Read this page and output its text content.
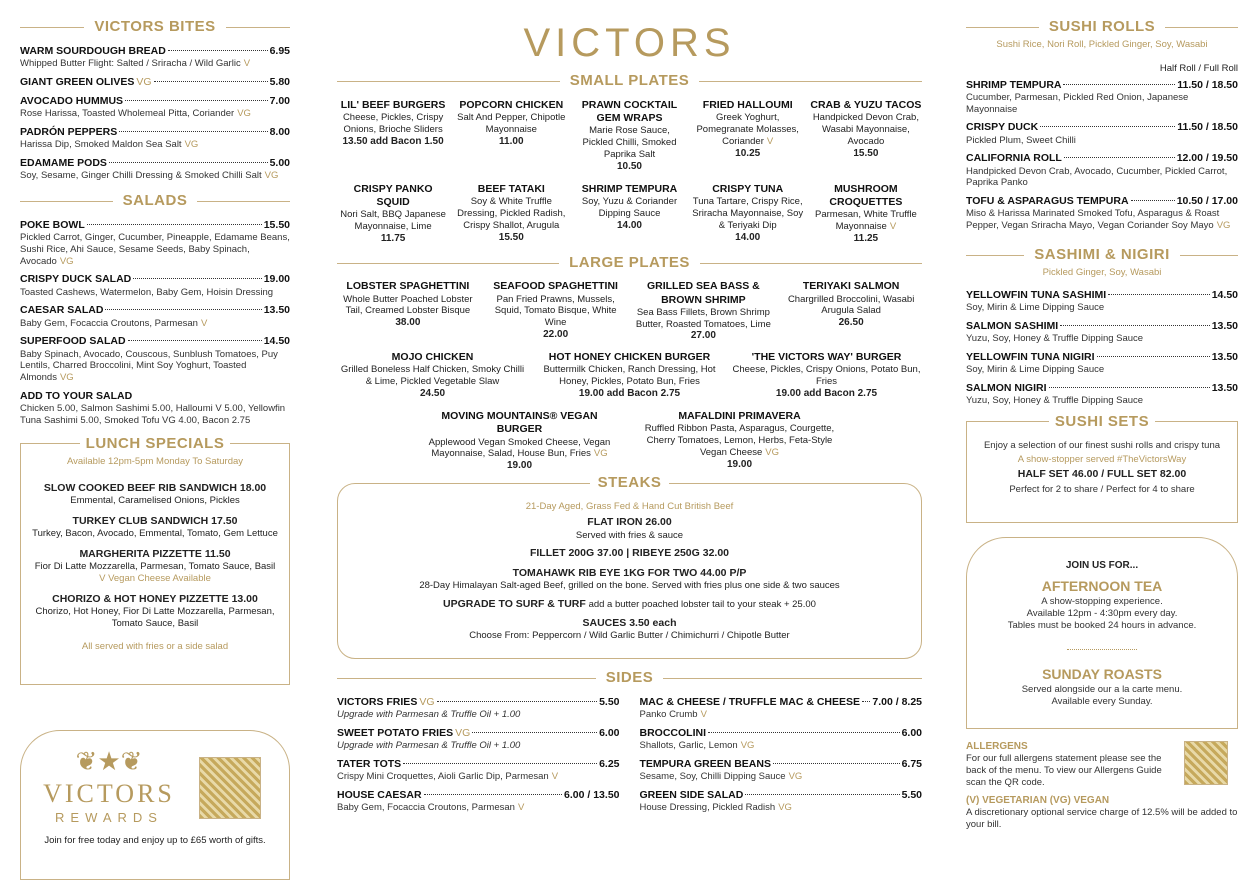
VICTORS BITES
WARM SOURDOUGH BREAD	6.95
Whipped Butter Flight: Salted / Sriracha / Wild Garlic V
GIANT GREEN OLIVES VG	5.80
AVOCADO HUMMUS	7.00
Rose Harissa, Toasted Wholemeal Pitta, Coriander VG
PADRÓN PEPPERS	8.00
Harissa Dip, Smoked Maldon Sea Salt VG
EDAMAME PODS	5.00
Soy, Sesame, Ginger Chilli Dressing & Smoked Chilli Salt VG
SALADS
POKE BOWL	15.50
Pickled Carrot, Ginger, Cucumber, Pineapple, Edamame Beans, Sushi Rice, Ahi Sauce, Sesame Seeds, Baby Spinach, Avocado VG
CRISPY DUCK SALAD	19.00
Toasted Cashews, Watermelon, Baby Gem, Hoisin Dressing
CAESAR SALAD	13.50
Baby Gem, Focaccia Croutons, Parmesan V
SUPERFOOD SALAD	14.50
Baby Spinach, Avocado, Couscous, Sunblush Tomatoes, Puy Lentils, Charred Broccolini, Mint Soy Yoghurt, Toasted Almonds VG
ADD TO YOUR SALAD
Chicken 5.00, Salmon Sashimi 5.00, Halloumi V 5.00, Yellowfin Tuna Sashimi 5.00, Smoked Tofu VG 4.00, Bacon 2.75
LUNCH SPECIALS
Available 12pm-5pm Monday To Saturday
SLOW COOKED BEEF RIB SANDWICH 18.00
Emmental, Caramelised Onions, Pickles
TURKEY CLUB SANDWICH 17.50
Turkey, Bacon, Avocado, Emmental, Tomato, Gem Lettuce
MARGHERITA PIZZETTE 11.50
Fior Di Latte Mozzarella, Parmesan, Tomato Sauce, Basil
V Vegan Cheese Available
CHORIZO & HOT HONEY PIZZETTE 13.00
Chorizo, Hot Honey, Fior Di Latte Mozzarella, Parmesan, Tomato Sauce, Basil
All served with fries or a side salad
❦★❦
VICTORS
REWARDS
Join for free today and enjoy up to £65 worth of gifts.
VICTORS
SMALL PLATES
LIL' BEEF BURGERS
Cheese, Pickles, Crispy Onions, Brioche Sliders
13.50 add Bacon 1.50
POPCORN CHICKEN
Salt And Pepper, Chipotle Mayonnaise
11.00
PRAWN COCKTAIL GEM WRAPS
Marie Rose Sauce, Pickled Chilli, Smoked Paprika Salt
10.50
FRIED HALLOUMI
Greek Yoghurt, Pomegranate Molasses, Coriander V
10.25
CRAB & YUZU TACOS
Handpicked Devon Crab, Wasabi Mayonnaise, Avocado
15.50
CRISPY PANKO SQUID
Nori Salt, BBQ Japanese Mayonnaise, Lime
11.75
BEEF TATAKI
Soy & White Truffle Dressing, Pickled Radish, Crispy Shallot, Arugula
15.50
SHRIMP TEMPURA
Soy, Yuzu & Coriander Dipping Sauce
14.00
CRISPY TUNA
Tuna Tartare, Crispy Rice, Sriracha Mayonnaise, Soy & Teriyaki Dip
14.00
MUSHROOM CROQUETTES
Parmesan, White Truffle Mayonnaise V
11.25
LARGE PLATES
LOBSTER SPAGHETTINI
Whole Butter Poached Lobster Tail, Creamed Lobster Bisque
38.00
SEAFOOD SPAGHETTINI
Pan Fried Prawns, Mussels, Squid, Tomato Bisque, White Wine
22.00
GRILLED SEA BASS & BROWN SHRIMP
Sea Bass Fillets, Brown Shrimp Butter, Roasted Tomatoes, Lime
27.00
TERIYAKI SALMON
Chargrilled Broccolini, Wasabi Arugula Salad
26.50
MOJO CHICKEN
Grilled Boneless Half Chicken, Smoky Chilli & Lime, Pickled Vegetable Slaw
24.50
HOT HONEY CHICKEN BURGER
Buttermilk Chicken, Ranch Dressing, Hot Honey, Pickles, Potato Bun, Fries
19.00 add Bacon 2.75
'THE VICTORS WAY' BURGER
Cheese, Pickles, Crispy Onions, Potato Bun, Fries
19.00 add Bacon 2.75
MOVING MOUNTAINS® VEGAN BURGER
Applewood Vegan Smoked Cheese, Vegan Mayonnaise, Salad, House Bun, Fries VG
19.00
MAFALDINI PRIMAVERA
Ruffled Ribbon Pasta, Asparagus, Courgette, Cherry Tomatoes, Lemon, Herbs, Feta-Style Vegan Cheese VG
19.00
STEAKS
21-Day Aged, Grass Fed & Hand Cut British Beef
FLAT IRON 26.00
Served with fries & sauce
FILLET 200G 37.00 | RIBEYE 250G 32.00
TOMAHAWK RIB EYE 1KG FOR TWO 44.00 P/P
28-Day Himalayan Salt-aged Beef, grilled on the bone. Served with fries plus one side & two sauces
UPGRADE TO SURF & TURF add a butter poached lobster tail to your steak + 25.00
SAUCES 3.50 each
Choose From: Peppercorn / Wild Garlic Butter / Chimichurri / Chipotle Butter
SIDES
VICTORS FRIES VG	5.50
Upgrade with Parmesan & Truffle Oil + 1.00
SWEET POTATO FRIES VG	6.00
Upgrade with Parmesan & Truffle Oil + 1.00
TATER TOTS	6.25
Crispy Mini Croquettes, Aioli Garlic Dip, Parmesan V
HOUSE CAESAR	6.00 / 13.50
Baby Gem, Focaccia Croutons, Parmesan V
MAC & CHEESE / TRUFFLE MAC & CHEESE 7.00 / 8.25
Panko Crumb V
BROCCOLINI	6.00
Shallots, Garlic, Lemon VG
TEMPURA GREEN BEANS	6.75
Sesame, Soy, Chilli Dipping Sauce VG
GREEN SIDE SALAD	5.50
House Dressing, Pickled Radish VG
SUSHI ROLLS
Sushi Rice, Nori Roll, Pickled Ginger, Soy, Wasabi
Half Roll / Full Roll
SHRIMP TEMPURA	11.50 / 18.50
Cucumber, Parmesan, Pickled Red Onion, Japanese Mayonnaise
CRISPY DUCK	11.50 / 18.50
Pickled Plum, Sweet Chilli
CALIFORNIA ROLL	12.00 / 19.50
Handpicked Devon Crab, Avocado, Cucumber, Pickled Carrot, Paprika Panko
TOFU & ASPARAGUS TEMPURA	10.50 / 17.00
Miso & Harissa Marinated Smoked Tofu, Asparagus & Roast Pepper, Vegan Sriracha Mayo, Vegan Coriander Soy Mayo VG
SASHIMI & NIGIRI
Pickled Ginger, Soy, Wasabi
YELLOWFIN TUNA SASHIMI	14.50
Soy, Mirin & Lime Dipping Sauce
SALMON SASHIMI	13.50
Yuzu, Soy, Honey & Truffle Dipping Sauce
YELLOWFIN TUNA NIGIRI	13.50
Soy, Mirin & Lime Dipping Sauce
SALMON NIGIRI	13.50
Yuzu, Soy, Honey & Truffle Dipping Sauce
SUSHI SETS
Enjoy a selection of our finest sushi rolls and crispy tuna
A show-stopper served #TheVictorsWay
HALF SET 46.00 / FULL SET 82.00
Perfect for 2 to share / Perfect for 4 to share
JOIN US FOR...
AFTERNOON TEA
A show-stopping experience.
Available 12pm - 4:30pm every day.
Tables must be booked 24 hours in advance.
SUNDAY ROASTS
Served alongside our a la carte menu.
Available every Sunday.
ALLERGENS
For our full allergens statement please see the back of the menu. To view our Allergens Guide scan the QR code.
(V) VEGETARIAN (VG) VEGAN
A discretionary optional service charge of 12.5% will be added to your bill.
